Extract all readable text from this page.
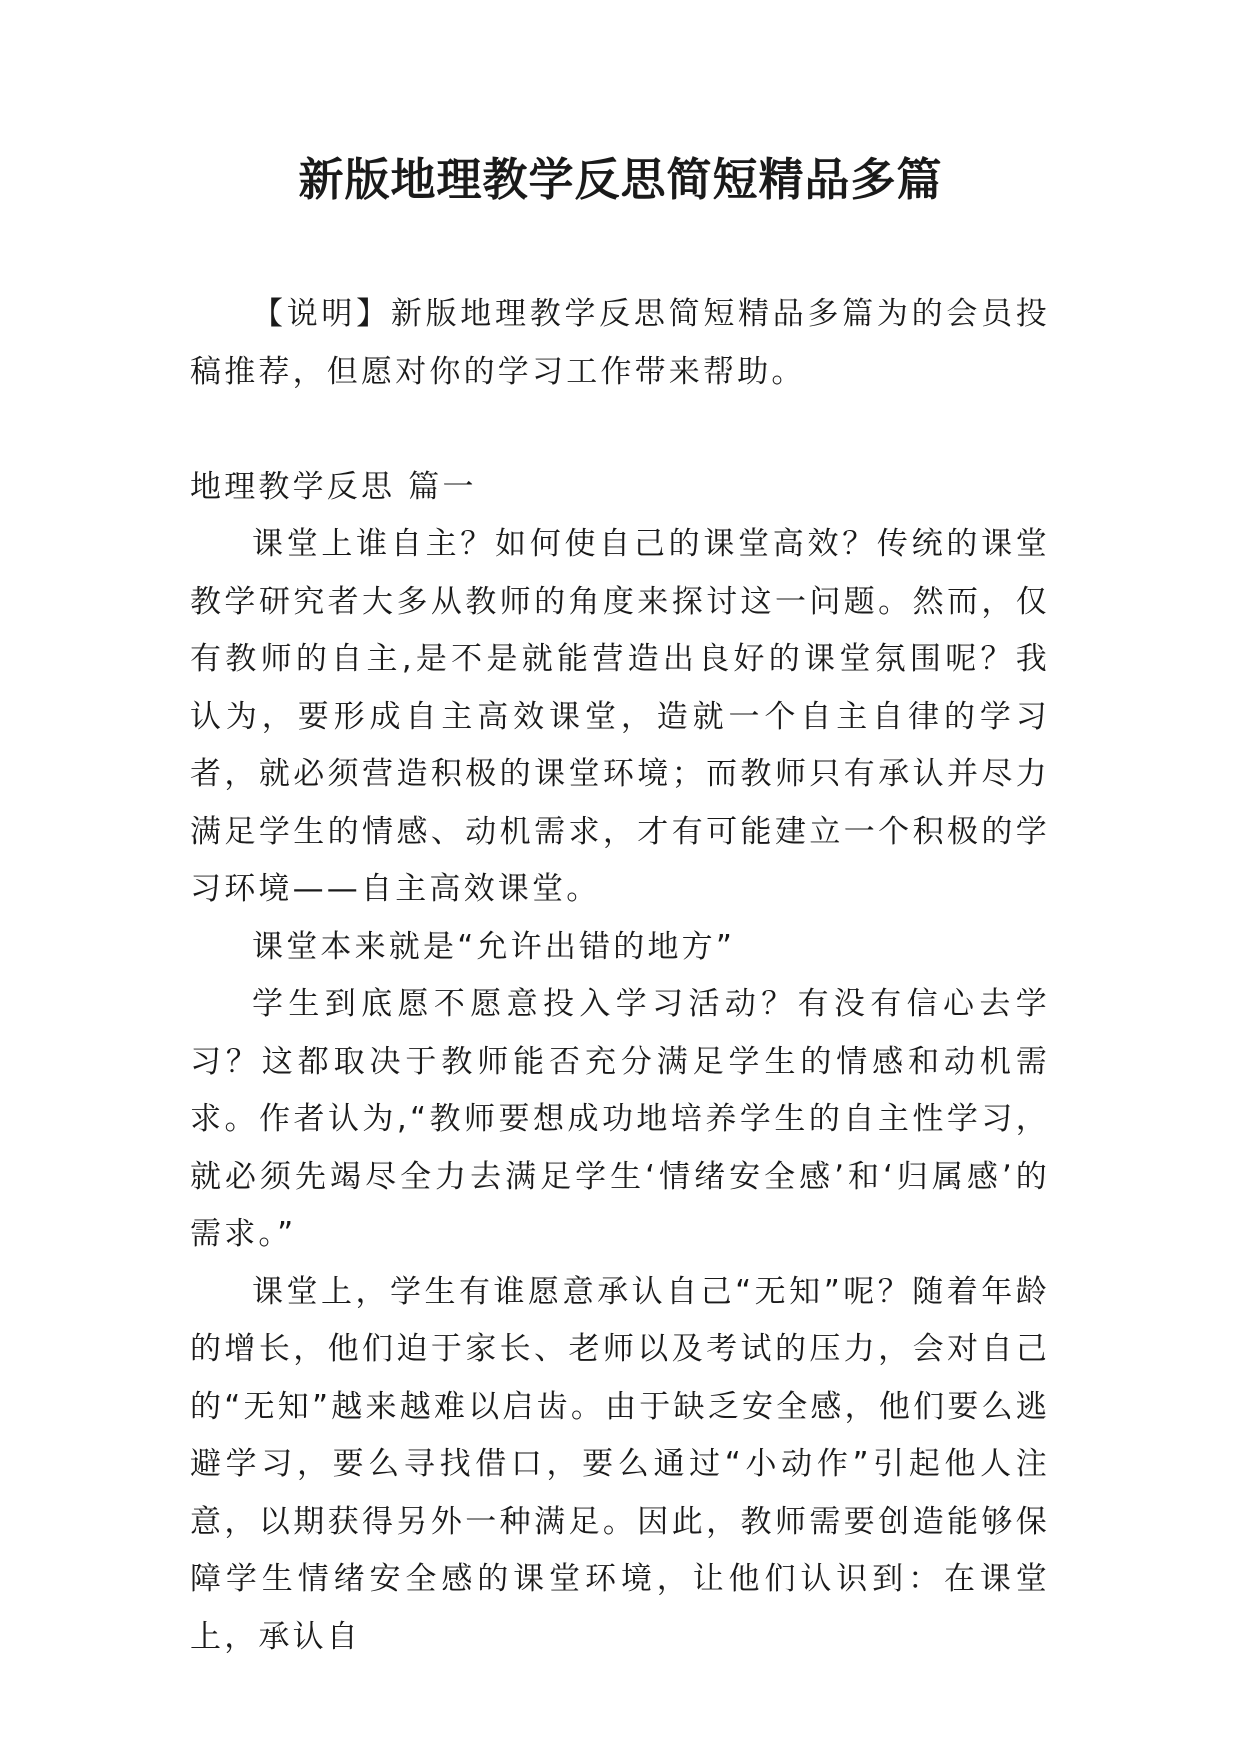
新版地理教学反思简短精品多篇

【说明】新版地理教学反思简短精品多篇为的会员投稿推荐，但愿对你的学习工作带来帮助。

地理教学反思 篇一

课堂上谁自主？如何使自己的课堂高效？传统的课堂教学研究者大多从教师的角度来探讨这一问题。然而，仅有教师的自主,是不是就能营造出良好的课堂氛围呢？我认为，要形成自主高效课堂，造就一个自主自律的学习者，就必须营造积极的课堂环境；而教师只有承认并尽力满足学生的情感、动机需求，才有可能建立一个积极的学习环境——自主高效课堂。

课堂本来就是“允许出错的地方”

学生到底愿不愿意投入学习活动？有没有信心去学习？这都取决于教师能否充分满足学生的情感和动机需求。作者认为,“教师要想成功地培养学生的自主性学习，就必须先竭尽全力去满足学生‘情绪安全感’和‘归属感’的需求。”

课堂上，学生有谁愿意承认自己“无知”呢？随着年龄的增长，他们迫于家长、老师以及考试的压力，会对自己的“无知”越来越难以启齿。由于缺乏安全感，他们要么逃避学习，要么寻找借口，要么通过“小动作”引起他人注意，以期获得另外一种满足。因此，教师需要创造能够保障学生情绪安全感的课堂环境，让他们认识到：在课堂上，承认自
